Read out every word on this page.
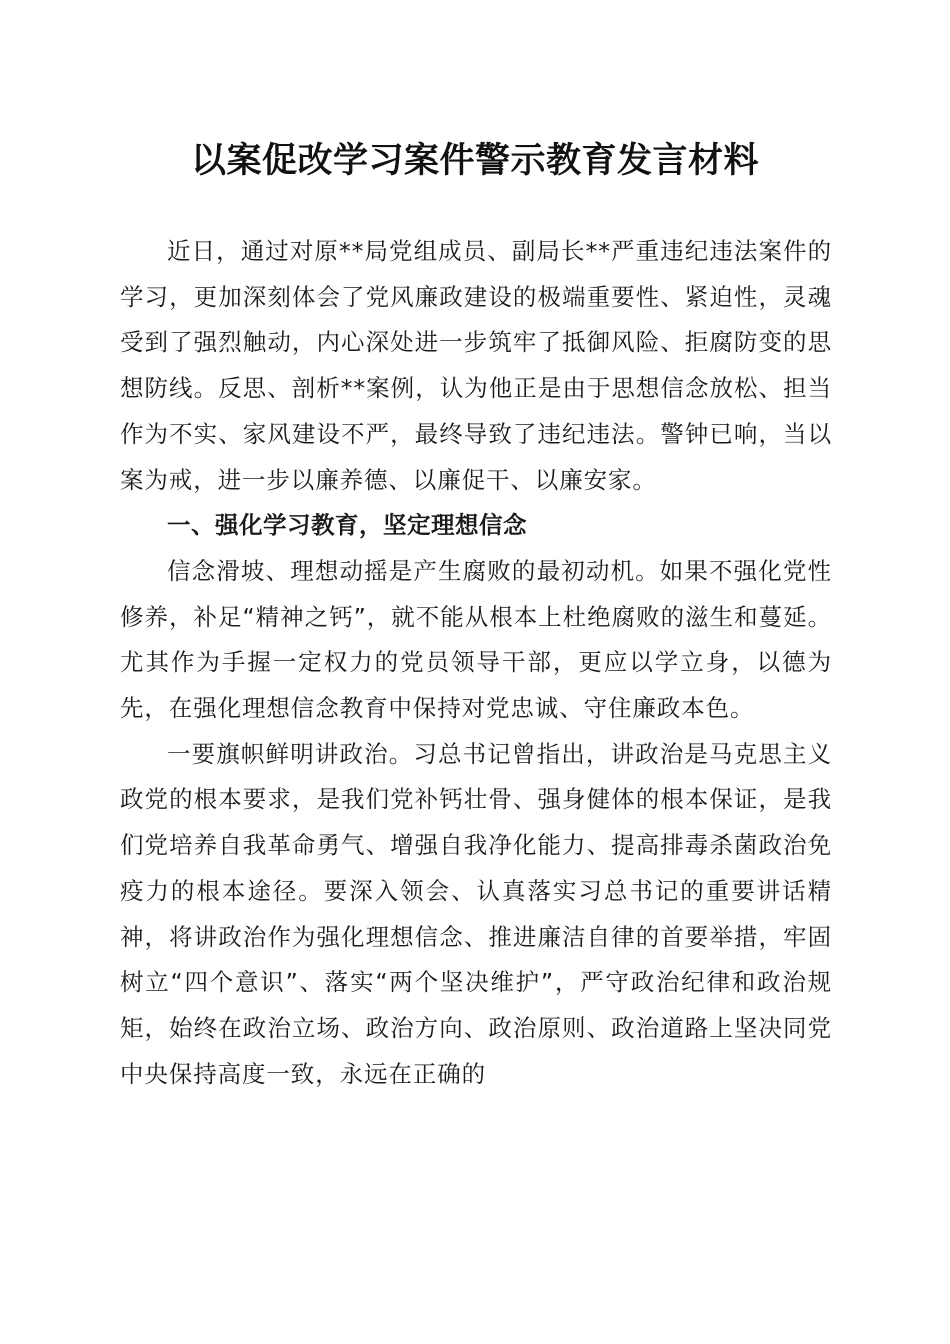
以案促改学习案件警示教育发言材料

近日，通过对原**局党组成员、副局长**严重违纪违法案件的学习，更加深刻体会了党风廉政建设的极端重要性、紧迫性，灵魂受到了强烈触动，内心深处进一步筑牢了抵御风险、拒腐防变的思想防线。反思、剖析**案例，认为他正是由于思想信念放松、担当作为不实、家风建设不严，最终导致了违纪违法。警钟已响，当以案为戒，进一步以廉养德、以廉促干、以廉安家。

一、强化学习教育，坚定理想信念

信念滑坡、理想动摇是产生腐败的最初动机。如果不强化党性修养，补足“精神之钙”，就不能从根本上杜绝腐败的滋生和蔓延。尤其作为手握一定权力的党员领导干部，更应以学立身，以德为先，在强化理想信念教育中保持对党忠诚、守住廉政本色。

一要旗帜鲜明讲政治。习总书记曾指出，讲政治是马克思主义政党的根本要求，是我们党补钙壮骨、强身健体的根本保证，是我们党培养自我革命勇气、增强自我净化能力、提高排毒杀菌政治免疫力的根本途径。要深入领会、认真落实习总书记的重要讲话精神，将讲政治作为强化理想信念、推进廉洁自律的首要举措，牢固树立“四个意识”、落实“两个坚决维护”，严守政治纪律和政治规矩，始终在政治立场、政治方向、政治原则、政治道路上坚决同党中央保持高度一致，永远在正确的
